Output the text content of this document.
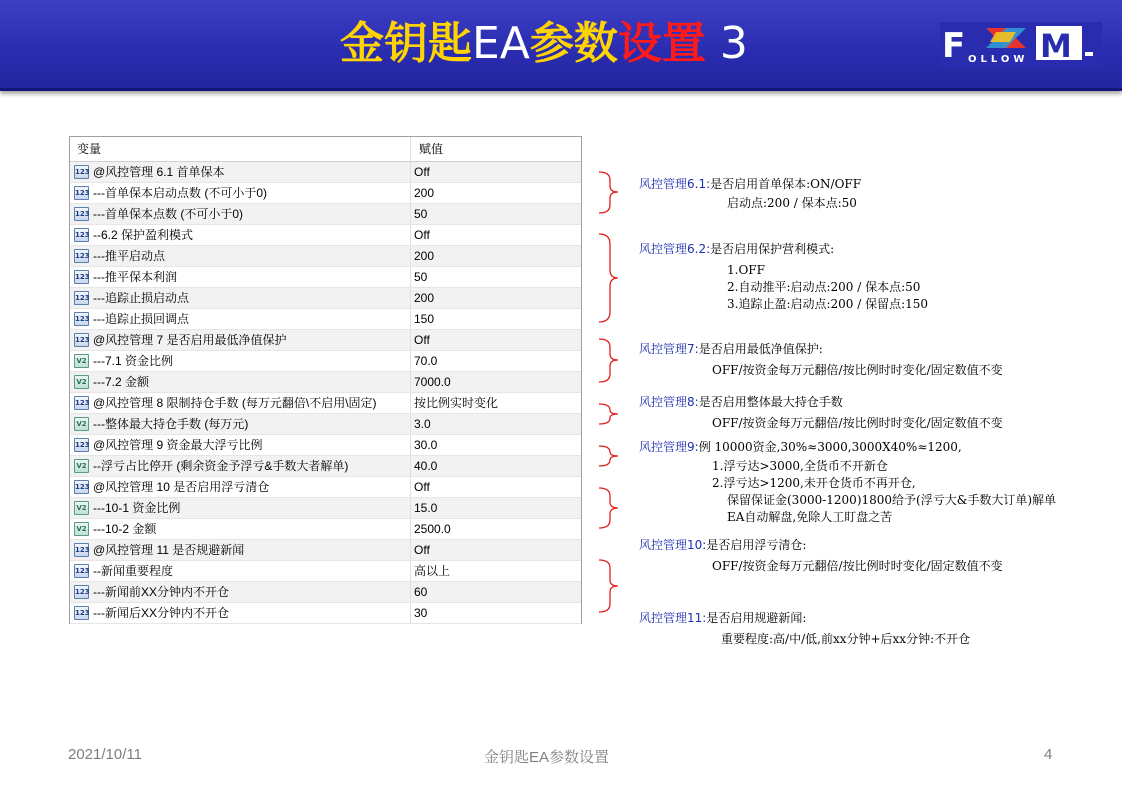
金钥匙EA参数设置 3	F OLLOW M
变量	赋值
123 @风控管理 6.1 首单保本	Off
123 ---首单保本启动点数 (不可小于0)	200
123 ---首单保本点数 (不可小于0)	50
123 --6.2 保护盈利模式	Off
123 ---推平启动点	200
123 ---推平保本利润	50
123 ---追踪止损启动点	200
123 ---追踪止损回调点	150
123 @风控管理 7 是否启用最低净值保护	Off
V2 ---7.1 资金比例	70.0
V2 ---7.2 金额	7000.0
123 @风控管理 8 限制持仓手数 (每万元翻倍\不启用\固定)	按比例实时变化
V2 ---整体最大持仓手数 (每万元)	3.0
123 @风控管理 9 资金最大浮亏比例	30.0
V2 --浮亏占比停开 (剩余资金予浮亏&手数大者解单)	40.0
123 @风控管理 10 是否启用浮亏清仓	Off
V2 ---10-1 资金比例	15.0
V2 ---10-2 金额	2500.0
123 @风控管理 11 是否规避新闻	Off
123 --新闻重要程度	高以上
123 ---新闻前XX分钟内不开仓	60
123 ---新闻后XX分钟内不开仓	30
风控管理6.1:是否启用首单保本:ON/OFF
启动点:200 / 保本点:50
风控管理6.2:是否启用保护营利模式:
1.OFF
2.自动推平:启动点:200 / 保本点:50
3.追踪止盈:启动点:200 / 保留点:150
风控管理7:是否启用最低净值保护:
OFF/按资金每万元翻倍/按比例时时变化/固定数值不变
风控管理8:是否启用整体最大持仓手数
OFF/按资金每万元翻倍/按比例时时变化/固定数值不变
风控管理9:例 10000资金,30%≈3000,3000X40%≈1200,
1.浮亏达>3000,全货币不开新仓
2.浮亏达>1200,未开仓货币不再开仓,
保留保证金(3000-1200)1800给予(浮亏大&手数大订单)解单
EA自动解盘,免除人工盯盘之苦
风控管理10:是否启用浮亏清仓:
OFF/按资金每万元翻倍/按比例时时变化/固定数值不变
风控管理11:是否启用规避新闻:
重要程度:高/中/低,前xx分钟+后xx分钟:不开仓
2021/10/11	金钥匙EA参数设置	4
